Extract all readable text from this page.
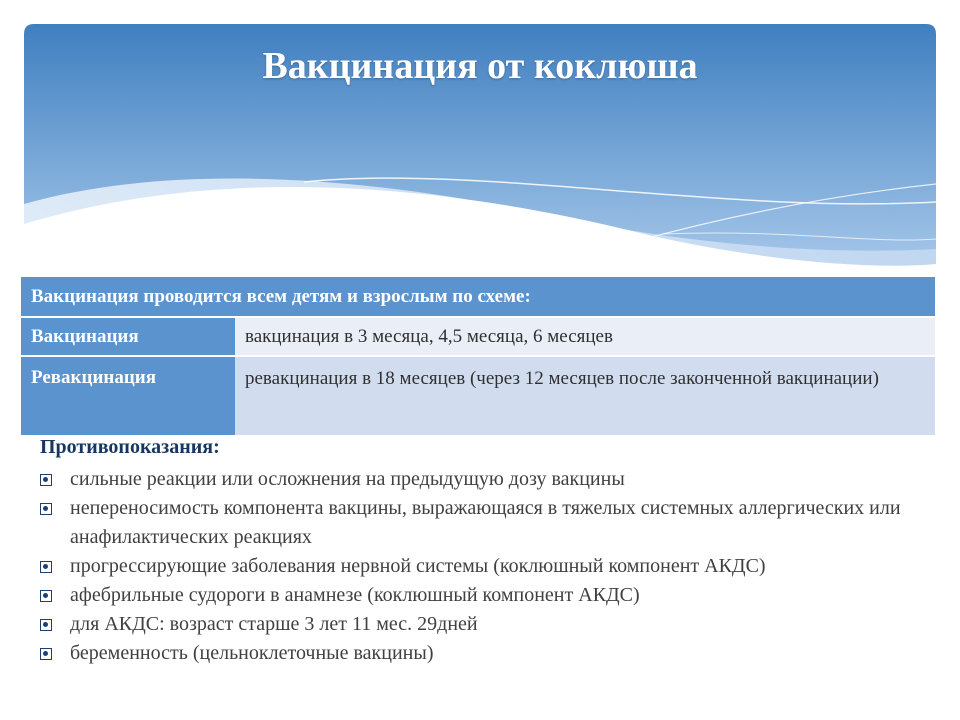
Вакцинация от коклюша
Вакцинация проводится всем детям и взрослым по схеме:	
Вакцинация	вакцинация в 3 месяца, 4,5 месяца, 6 месяцев
Ревакцинация	ревакцинация в 18 месяцев (через 12 месяцев после законченной вакцинации)
Противопоказания:
сильные реакции или осложнения на предыдущую дозу вакцины
непереносимость компонента вакцины, выражающаяся в тяжелых системных аллергических или анафилактических реакциях
прогрессирующие заболевания нервной системы (коклюшный компонент АКДС)
афебрильные судороги в анамнезе (коклюшный компонент АКДС)
для АКДС: возраст старше 3 лет 11 мес. 29дней
беременность (цельноклеточные вакцины)
